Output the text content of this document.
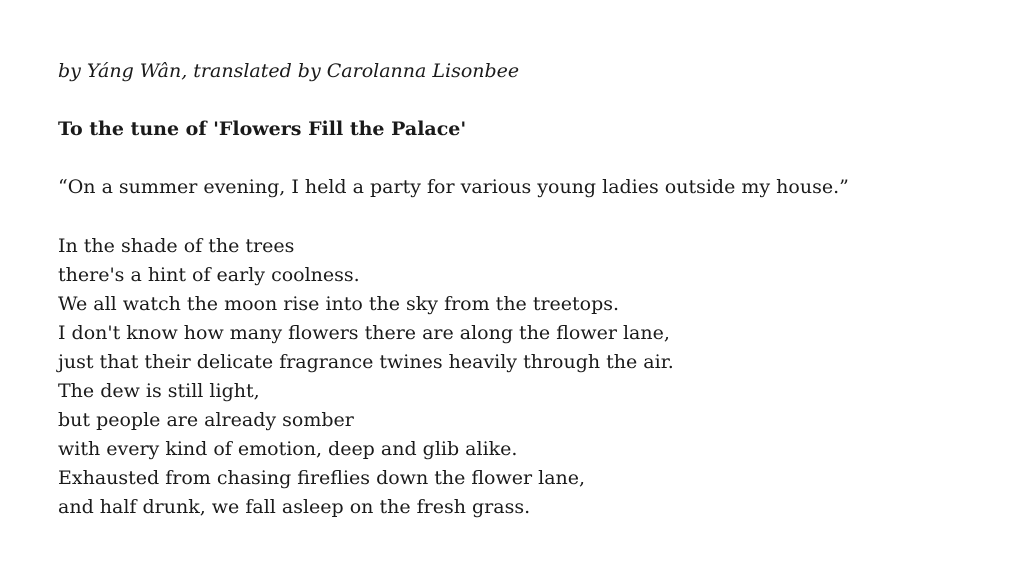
by Yáng Wân, translated by Carolanna Lisonbee
To the tune of 'Flowers Fill the Palace'
“On a summer evening, I held a party for various young ladies outside my house.”
In the shade of the trees
there's a hint of early coolness.
We all watch the moon rise into the sky from the treetops.
I don't know how many flowers there are along the flower lane,
just that their delicate fragrance twines heavily through the air.
The dew is still light,
but people are already somber
with every kind of emotion, deep and glib alike.
Exhausted from chasing fireflies down the flower lane,
and half drunk, we fall asleep on the fresh grass.
